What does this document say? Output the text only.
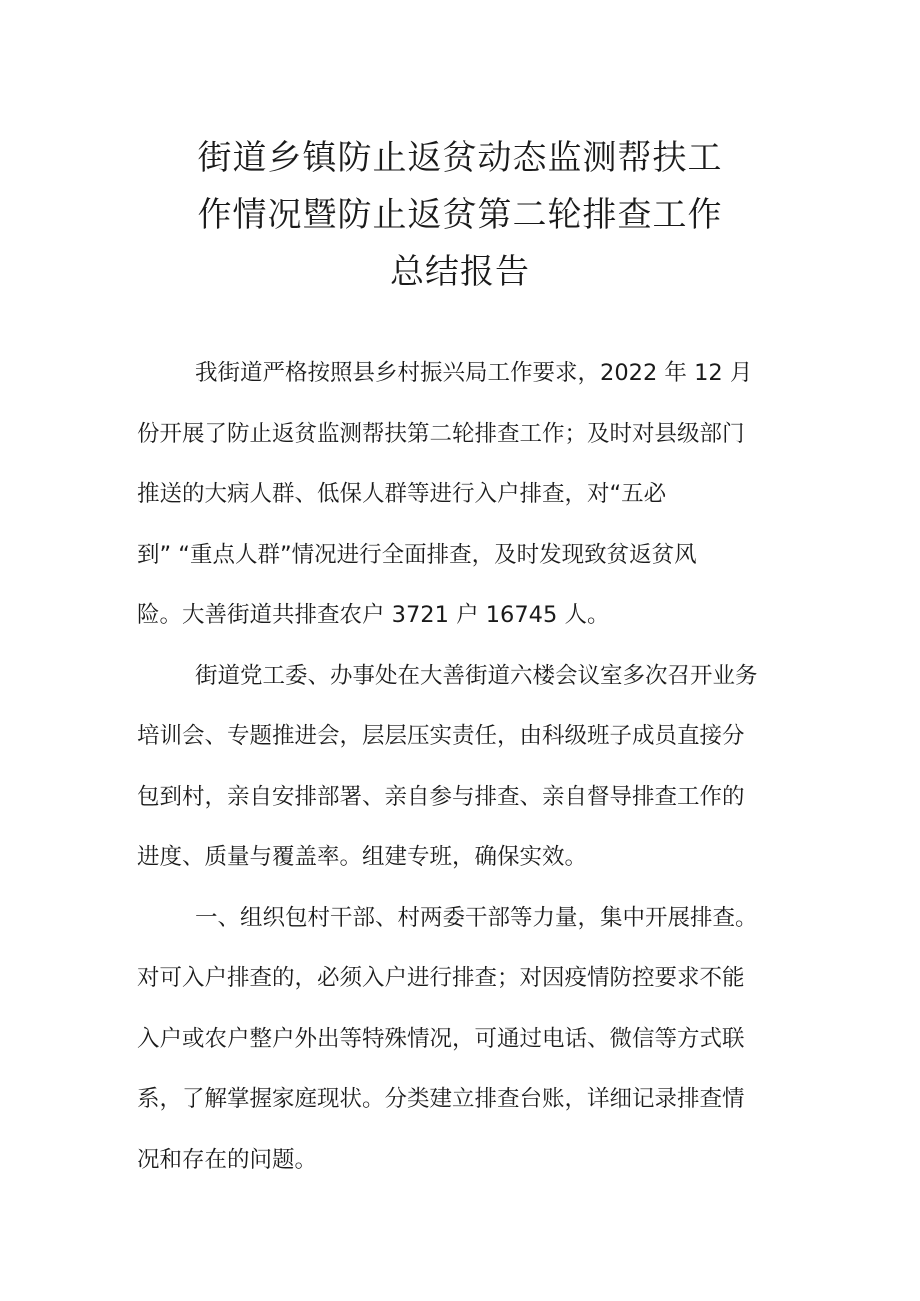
街道乡镇防止返贫动态监测帮扶工
作情况暨防止返贫第二轮排查工作
总结报告
我街道严格按照县乡村振兴局工作要求，2022 年 12 月
份开展了防止返贫监测帮扶第二轮排查工作；及时对县级部门
推送的大病人群、低保人群等进行入户排查，对“五必
到” “重点人群”情况进行全面排查，及时发现致贫返贫风
险。大善街道共排查农户 3721 户 16745 人。
街道党工委、办事处在大善街道六楼会议室多次召开业务
培训会、专题推进会，层层压实责任，由科级班子成员直接分
包到村，亲自安排部署、亲自参与排查、亲自督导排查工作的
进度、质量与覆盖率。组建专班，确保实效。
一、组织包村干部、村两委干部等力量，集中开展排查。
对可入户排查的，必须入户进行排查；对因疫情防控要求不能
入户或农户整户外出等特殊情况，可通过电话、微信等方式联
系，了解掌握家庭现状。分类建立排查台账，详细记录排查情
况和存在的问题。
